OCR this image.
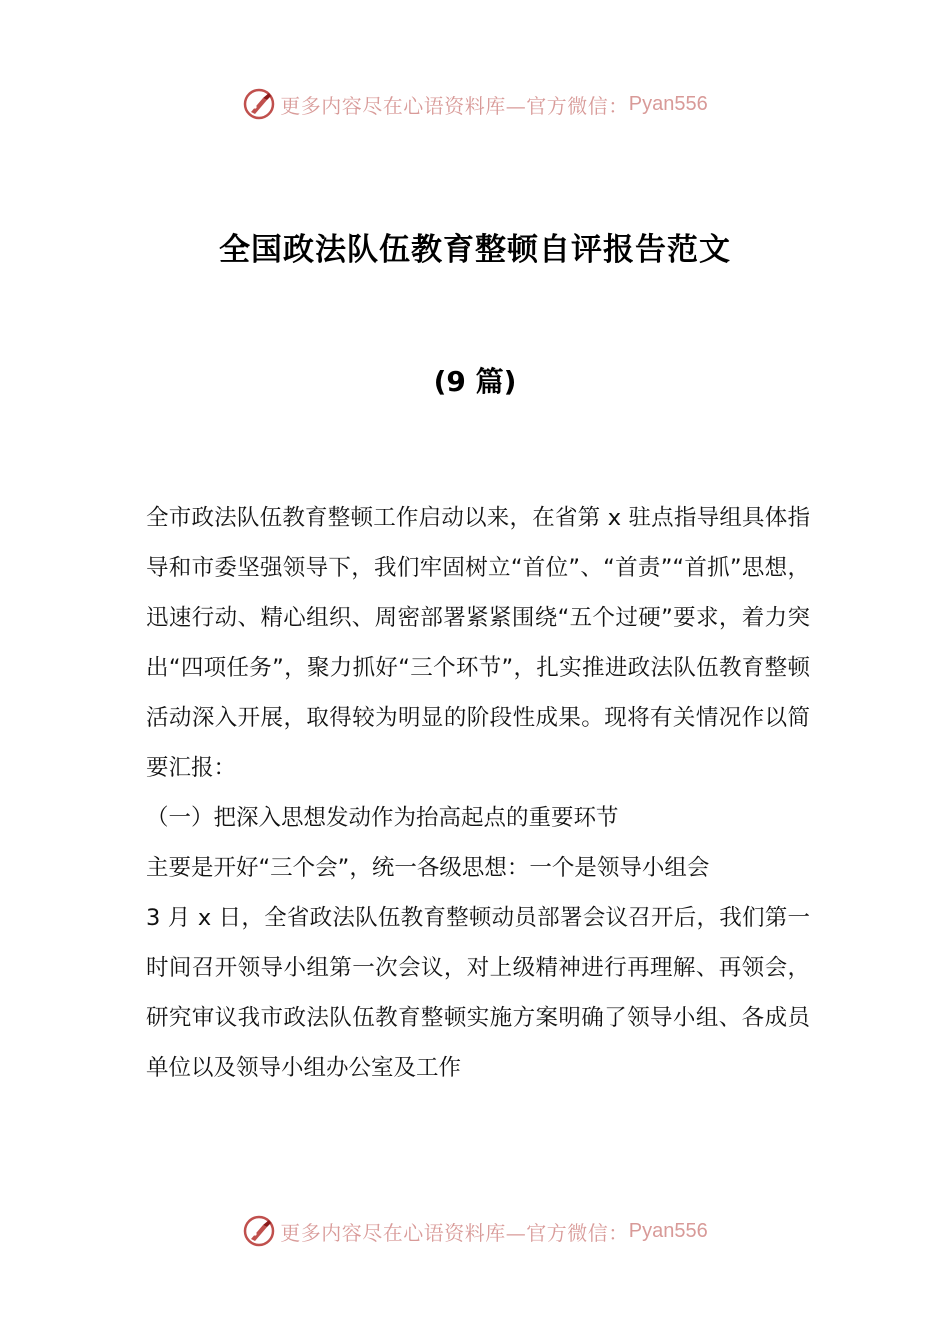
更多内容尽在心语资料库—官方微信： Pyan556
全国政法队伍教育整顿自评报告范文
(9 篇)

全市政法队伍教育整顿工作启动以来，在省第 x 驻点指导组具体指导和市委坚强领导下，我们牢固树立“首位”、“首责”“首抓”思想，迅速行动、精心组织、周密部署紧紧围绕“五个过硬”要求，着力突出“四项任务”，聚力抓好“三个环节”，扎实推进政法队伍教育整顿活动深入开展，取得较为明显的阶段性成果。现将有关情况作以简要汇报：

（一）把深入思想发动作为抬高起点的重要环节

主要是开好“三个会”，统一各级思想：一个是领导小组会

3 月 x 日，全省政法队伍教育整顿动员部署会议召开后，我们第一时间召开领导小组第一次会议，对上级精神进行再理解、再领会，研究审议我市政法队伍教育整顿实施方案明确了领导小组、各成员单位以及领导小组办公室及工作

更多内容尽在心语资料库—官方微信： Pyan556
